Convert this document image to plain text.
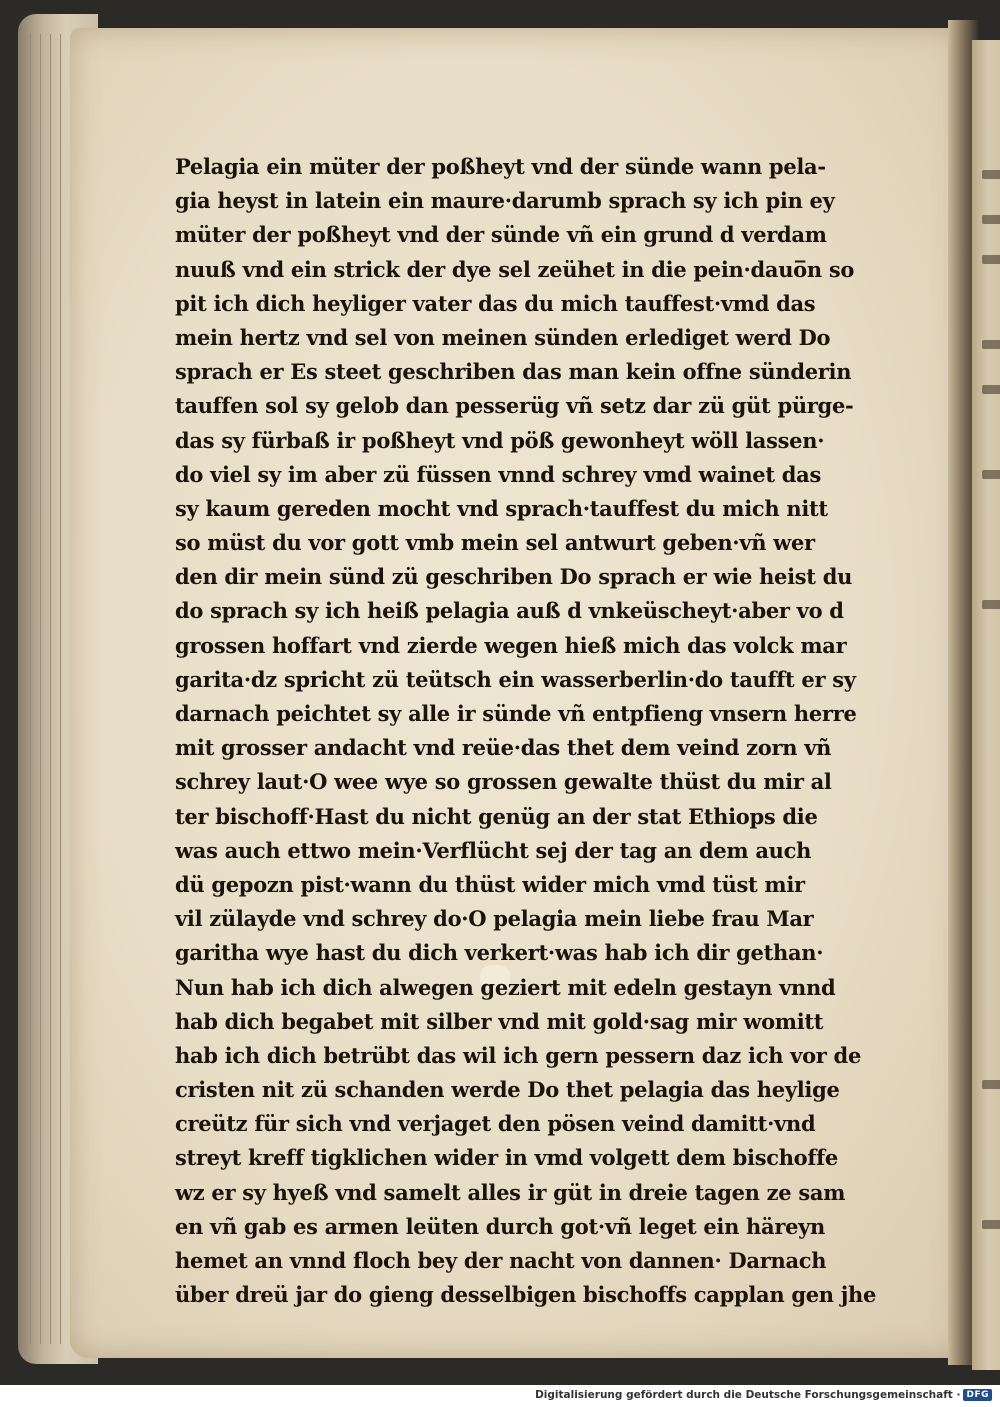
Pelagia ein müter der poßheyt vnd der sünde wann pela-
gia heyst in latein ein maure·darumb sprach sy ich pin ey
müter der poßheyt vnd der sünde vñ ein grund d verdam
nuuß vnd ein strick der dye sel zeühet in die pein·dauo̅n so
pit ich dich heyliger vater das du mich tauffest·vmd das
mein hertz vnd sel von meinen sünden erlediget werd Do
sprach er Es steet geschriben das man kein offne sünderin
tauffen sol sy gelob dan pesserüg vñ setz dar zü güt pürge-
das sy fürbaß ir poßheyt vnd pöß gewonheyt wöll lassen·
do viel sy im aber zü füssen vnnd schrey vmd wainet das
sy kaum gereden mocht vnd sprach·tauffest du mich nitt
so müst du vor gott vmb mein sel antwurt geben·vñ wer
den dir mein sünd zü geschriben Do sprach er wie heist du
do sprach sy ich heiß pelagia auß d vnkeüscheyt·aber vo d
grossen hoffart vnd zierde wegen hieß mich das volck mar
garita·dz spricht zü teütsch ein wasserberlin·do taufft er sy
darnach peichtet sy alle ir sünde vñ entpfieng vnsern herre
mit grosser andacht vnd reüe·das thet dem veind zorn vñ
schrey laut·O wee wye so grossen gewalte thüst du mir al
ter bischoff·Hast du nicht genüg an der stat Ethiops die
was auch ettwo mein·Verflücht sej der tag an dem auch
dü gepozn pist·wann du thüst wider mich vmd tüst mir
vil zülayde vnd schrey do·O pelagia mein liebe frau Mar
garitha wye hast du dich verkert·was hab ich dir gethan·
Nun hab ich dich alwegen geziert mit edeln gestayn vnnd
hab dich begabet mit silber vnd mit gold·sag mir womitt
hab ich dich betrübt das wil ich gern pessern daz ich vor de
cristen nit zü schanden werde Do thet pelagia das heylige
creütz für sich vnd verjaget den pösen veind damitt·vnd
streyt kreff tigklichen wider in vmd volgett dem bischoffe
wz er sy hyeß vnd samelt alles ir güt in dreie tagen ze sam
en vñ gab es armen leüten durch got·vñ leget ein häreyn
hemet an vnnd floch bey der nacht von dannen· Darnach
über dreü jar do gieng desselbigen bischoffs capplan gen jhe
Digitalisierung gefördert durch die Deutsche Forschungsgemeinschaft · DFG
